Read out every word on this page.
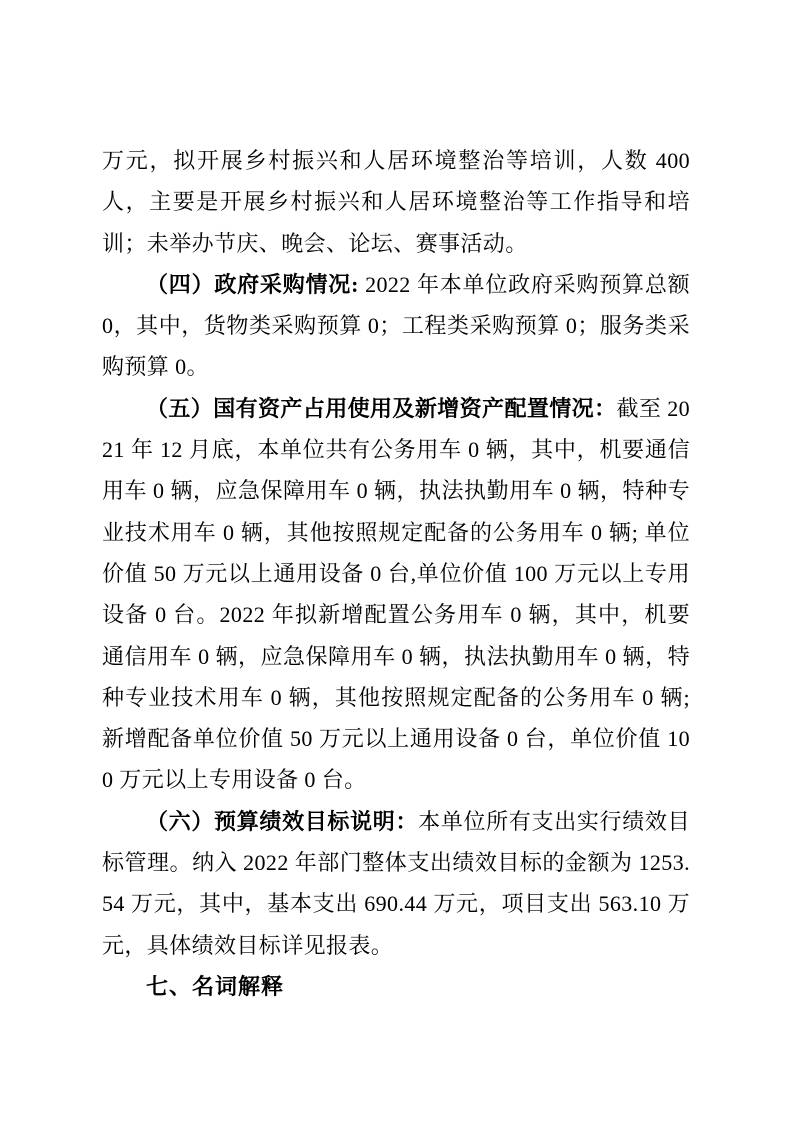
万元，拟开展乡村振兴和人居环境整治等培训，人数 400 人，主要是开展乡村振兴和人居环境整治等工作指导和培训；未举办节庆、晚会、论坛、赛事活动。

（四）政府采购情况: 2022 年本单位政府采购预算总额 0，其中，货物类采购预算 0；工程类采购预算 0；服务类采购预算 0。

（五）国有资产占用使用及新增资产配置情况：截至 2021 年 12 月底，本单位共有公务用车 0 辆，其中，机要通信用车 0 辆，应急保障用车 0 辆，执法执勤用车 0 辆，特种专业技术用车 0 辆，其他按照规定配备的公务用车 0 辆; 单位价值 50 万元以上通用设备 0 台,单位价值 100 万元以上专用设备 0 台。2022 年拟新增配置公务用车 0 辆，其中，机要通信用车 0 辆，应急保障用车 0 辆，执法执勤用车 0 辆，特种专业技术用车 0 辆，其他按照规定配备的公务用车 0 辆; 新增配备单位价值 50 万元以上通用设备 0 台，单位价值 100 万元以上专用设备 0 台。

（六）预算绩效目标说明：本单位所有支出实行绩效目标管理。纳入 2022 年部门整体支出绩效目标的金额为 1253.54 万元，其中，基本支出 690.44 万元，项目支出 563.10 万元，具体绩效目标详见报表。

七、名词解释
